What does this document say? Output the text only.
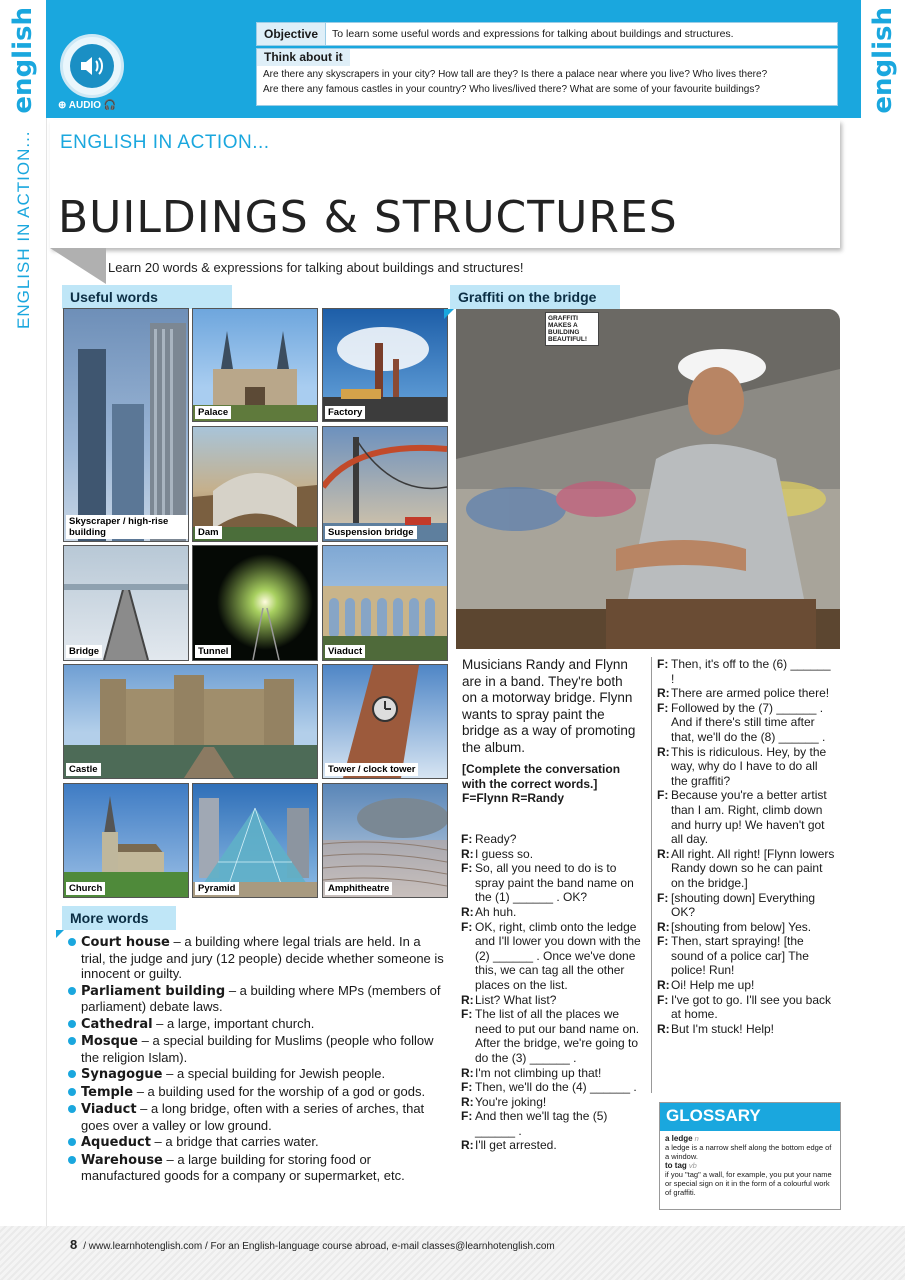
english
ENGLISH IN ACTION...
english
⊕ AUDIO 🎧
Objective	To learn some useful words and expressions for talking about buildings and structures.
Think about it
Are there any skyscrapers in your city? How tall are they? Is there a palace near where you live? Who lives there?
Are there any famous castles in your country? Who lives/lived there? What are some of your favourite buildings?
ENGLISH IN ACTION...
BUILDINGS & STRUCTURES
Learn 20 words & expressions for talking about buildings and structures!
Useful words
Skyscraper / high-rise building
Palace	Factory
Dam	Suspension bridge
Bridge	Tunnel	Viaduct
Castle	Tower / clock tower
Church	Pyramid	Amphitheatre
More words
Court house – a building where legal trials are held. In a trial, the judge and jury (12 people) decide whether someone is innocent or guilty.
Parliament building – a building where MPs (members of parliament) debate laws.
Cathedral – a large, important church.
Mosque – a special building for Muslims (people who follow the religion Islam).
Synagogue – a special building for Jewish people.
Temple – a building used for the worship of a god or gods.
Viaduct – a long bridge, often with a series of arches, that goes over a valley or low ground.
Aqueduct – a bridge that carries water.
Warehouse – a large building for storing food or manufactured goods for a company or supermarket, etc.
Graffiti on the bridge
GRAFFITI MAKES A BUILDING BEAUTIFUL!
Musicians Randy and Flynn are in a band. They're both on a motorway bridge. Flynn wants to spray paint the bridge as a way of promoting the album.
[Complete the conversation with the correct words.]
F=Flynn R=Randy
F: Ready?
R: I guess so.
F: So, all you need to do is to spray paint the band name on the (1) ______ . OK?
R: Ah huh.
F: OK, right, climb onto the ledge and I'll lower you down with the (2) ______ . Once we've done this, we can tag all the other places on the list.
R: List? What list?
F: The list of all the places we need to put our band name on. After the bridge, we're going to do the (3) ______ .
R: I'm not climbing up that!
F: Then, we'll do the (4) ______ .
R: You're joking!
F: And then we'll tag the (5) ______ .
R: I'll get arrested.
F: Then, it's off to the (6) ______ !
R: There are armed police there!
F: Followed by the (7) ______ . And if there's still time after that, we'll do the (8) ______ .
R: This is ridiculous. Hey, by the way, why do I have to do all the graffiti?
F: Because you're a better artist than I am. Right, climb down and hurry up! We haven't got all day.
R: All right. All right! [Flynn lowers Randy down so he can paint on the bridge.]
F: [shouting down] Everything OK?
R: [shouting from below] Yes.
F: Then, start spraying! [the sound of a police car] The police! Run!
R: Oi! Help me up!
F: I've got to go. I'll see you back at home.
R: But I'm stuck! Help!
GLOSSARY
a ledge n
a ledge is a narrow shelf along the bottom edge of a window.
to tag vb
if you "tag" a wall, for example, you put your name or special sign on it in the form of a colourful work of graffiti.
8 / www.learnhotenglish.com / For an English-language course abroad, e-mail classes@learnhotenglish.com
